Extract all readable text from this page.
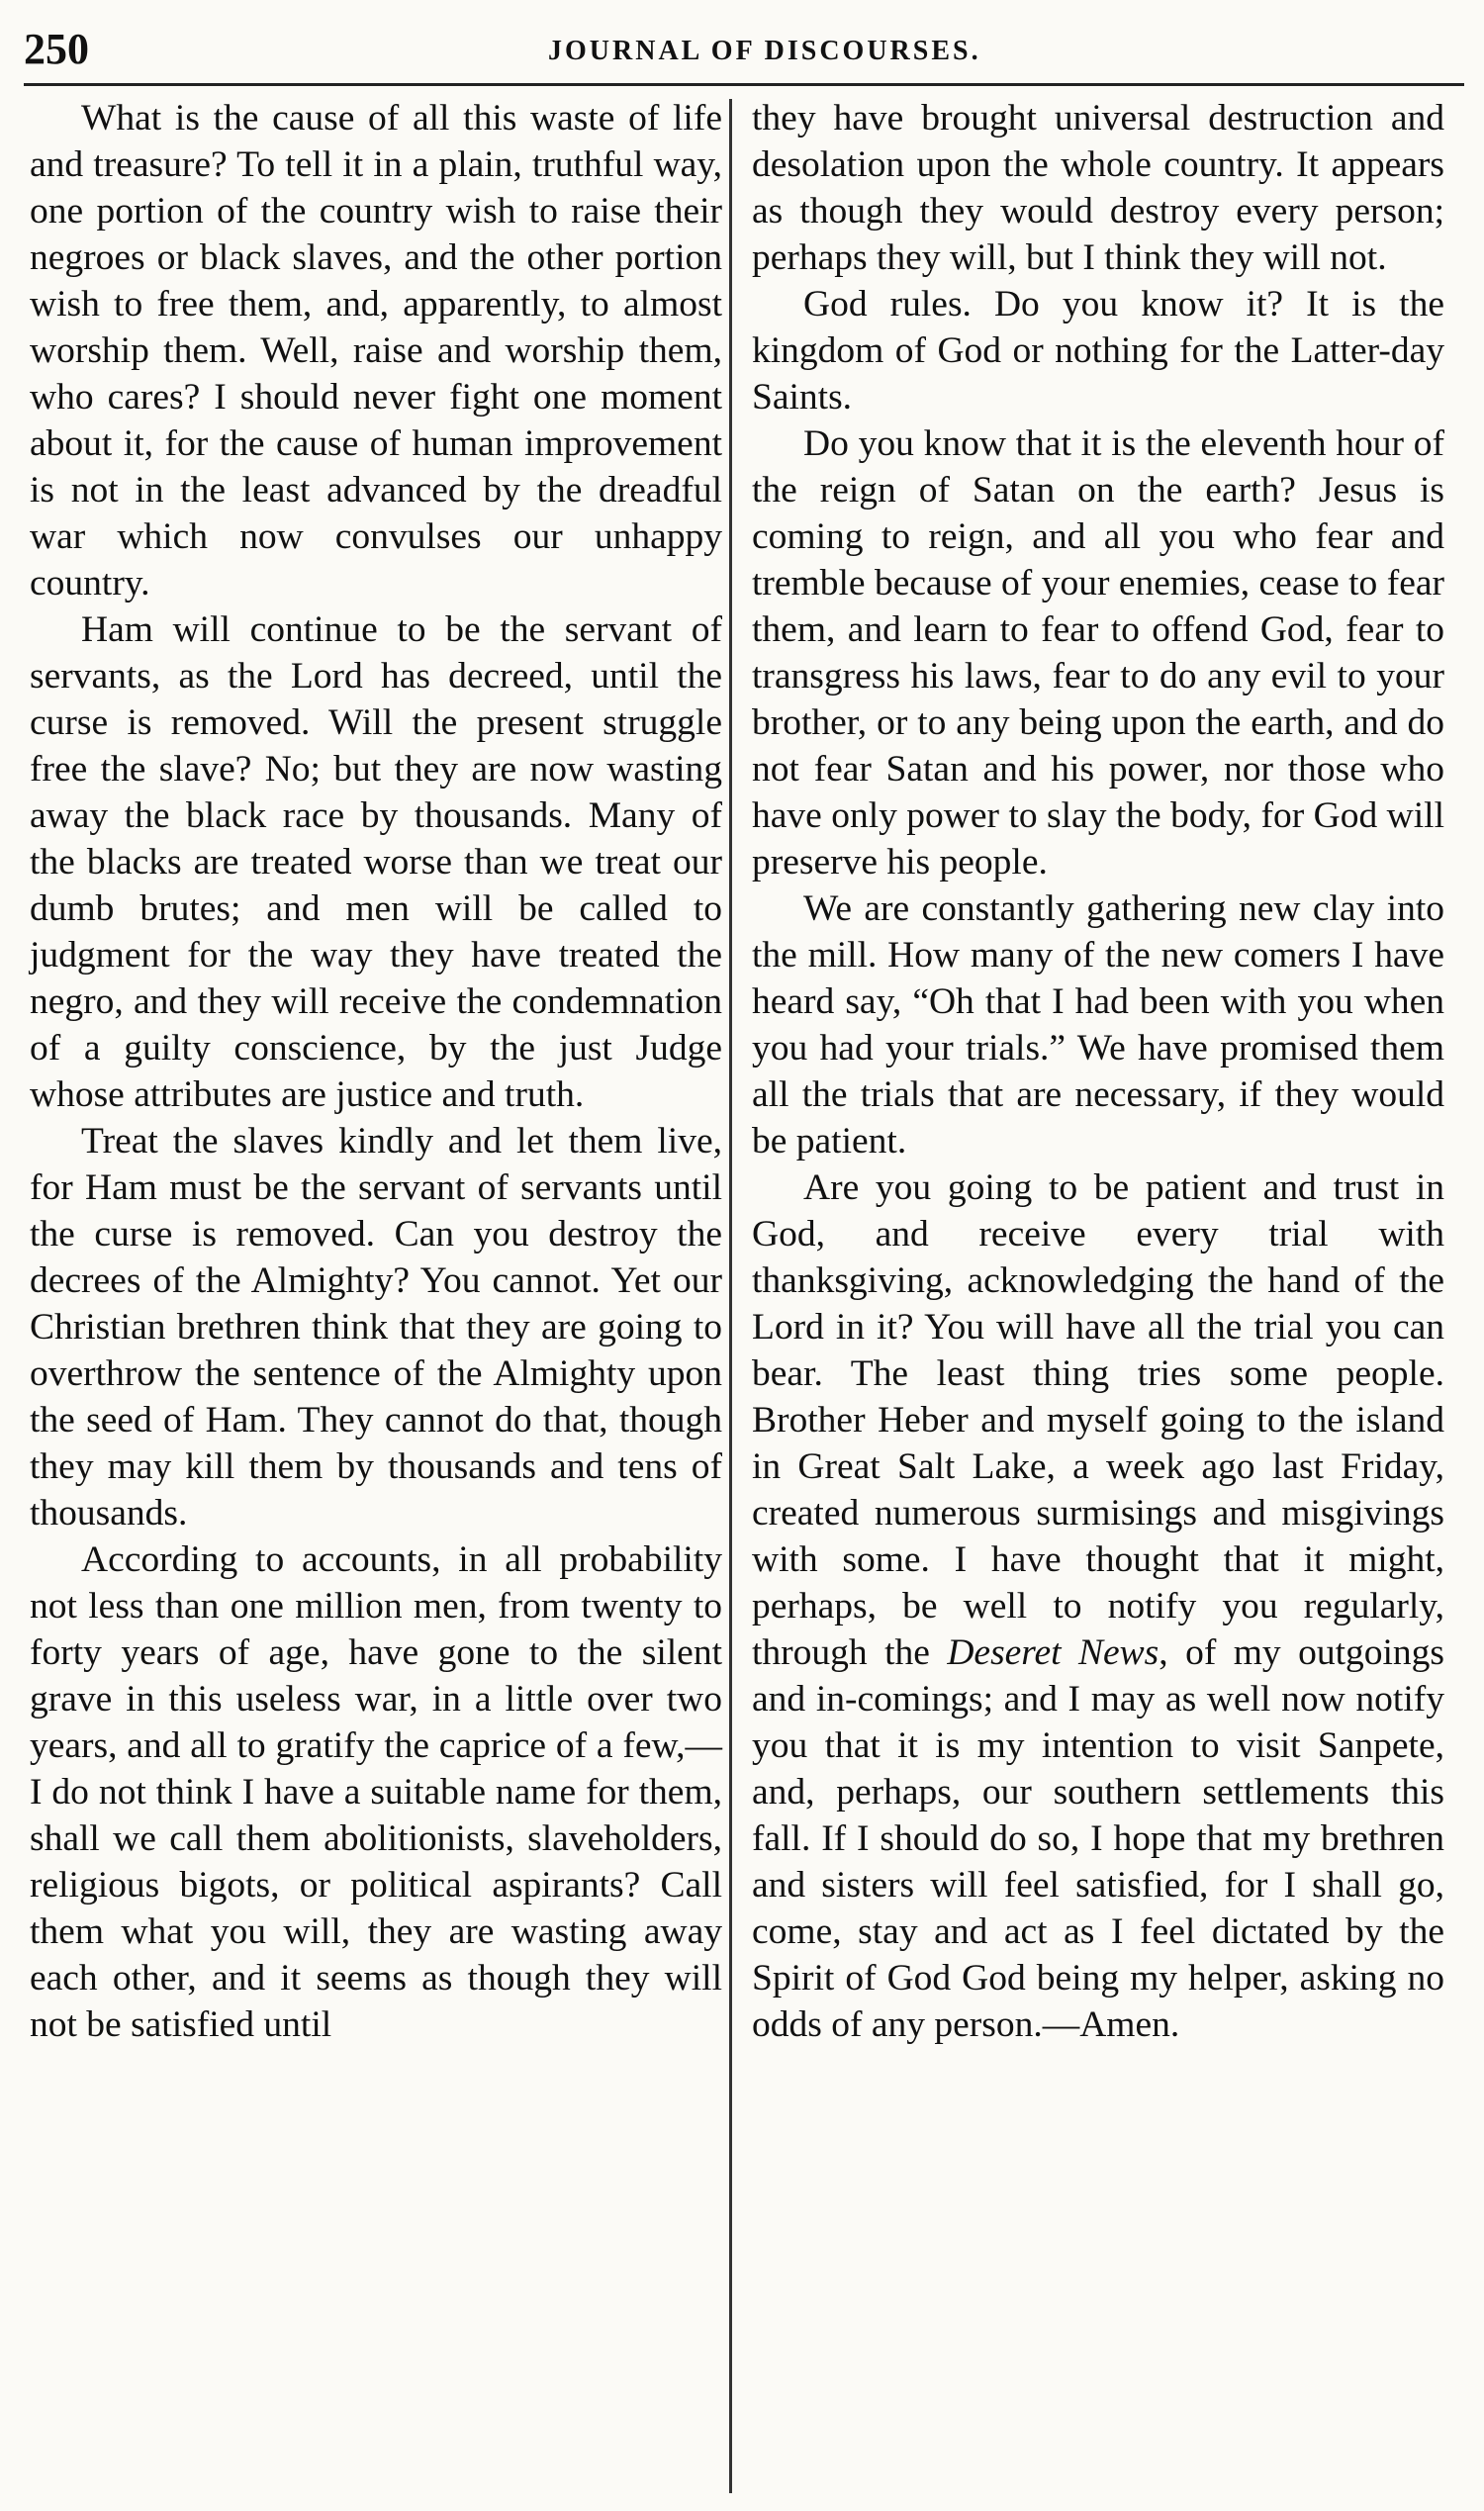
250	JOURNAL OF DISCOURSES.

What is the cause of all this waste of life and treasure? To tell it in a plain, truthful way, one portion of the country wish to raise their negroes or black slaves, and the other portion wish to free them, and, apparently, to almost worship them. Well, raise and worship them, who cares? I should never fight one moment about it, for the cause of human improvement is not in the least advanced by the dreadful war which now convulses our unhappy country.

Ham will continue to be the servant of servants, as the Lord has decreed, until the curse is removed. Will the present struggle free the slave? No; but they are now wasting away the black race by thousands. Many of the blacks are treated worse than we treat our dumb brutes; and men will be called to judgment for the way they have treated the negro, and they will receive the condemnation of a guilty conscience, by the just Judge whose attributes are justice and truth.

Treat the slaves kindly and let them live, for Ham must be the servant of servants until the curse is removed. Can you destroy the decrees of the Almighty? You cannot. Yet our Christian brethren think that they are going to overthrow the sentence of the Almighty upon the seed of Ham. They cannot do that, though they may kill them by thousands and tens of thousands.

According to accounts, in all probability not less than one million men, from twenty to forty years of age, have gone to the silent grave in this useless war, in a little over two years, and all to gratify the caprice of a few,—I do not think I have a suitable name for them, shall we call them abolitionists, slaveholders, religious bigots, or political aspirants? Call them what you will, they are wasting away each other, and it seems as though they will not be satisfied until

they have brought universal destruction and desolation upon the whole country. It appears as though they would destroy every person; perhaps they will, but I think they will not.

God rules. Do you know it? It is the kingdom of God or nothing for the Latter-day Saints.

Do you know that it is the eleventh hour of the reign of Satan on the earth? Jesus is coming to reign, and all you who fear and tremble because of your enemies, cease to fear them, and learn to fear to offend God, fear to transgress his laws, fear to do any evil to your brother, or to any being upon the earth, and do not fear Satan and his power, nor those who have only power to slay the body, for God will preserve his people.

We are constantly gathering new clay into the mill. How many of the new comers I have heard say, “Oh that I had been with you when you had your trials.” We have promised them all the trials that are necessary, if they would be patient.

Are you going to be patient and trust in God, and receive every trial with thanksgiving, acknowledging the hand of the Lord in it? You will have all the trial you can bear. The least thing tries some people. Brother Heber and myself going to the island in Great Salt Lake, a week ago last Friday, created numerous surmisings and misgivings with some. I have thought that it might, perhaps, be well to notify you regularly, through the Deseret News, of my outgoings and in-comings; and I may as well now notify you that it is my intention to visit Sanpete, and, perhaps, our southern settlements this fall. If I should do so, I hope that my brethren and sisters will feel satisfied, for I shall go, come, stay and act as I feel dictated by the Spirit of God God being my helper, asking no odds of any person.—Amen.
